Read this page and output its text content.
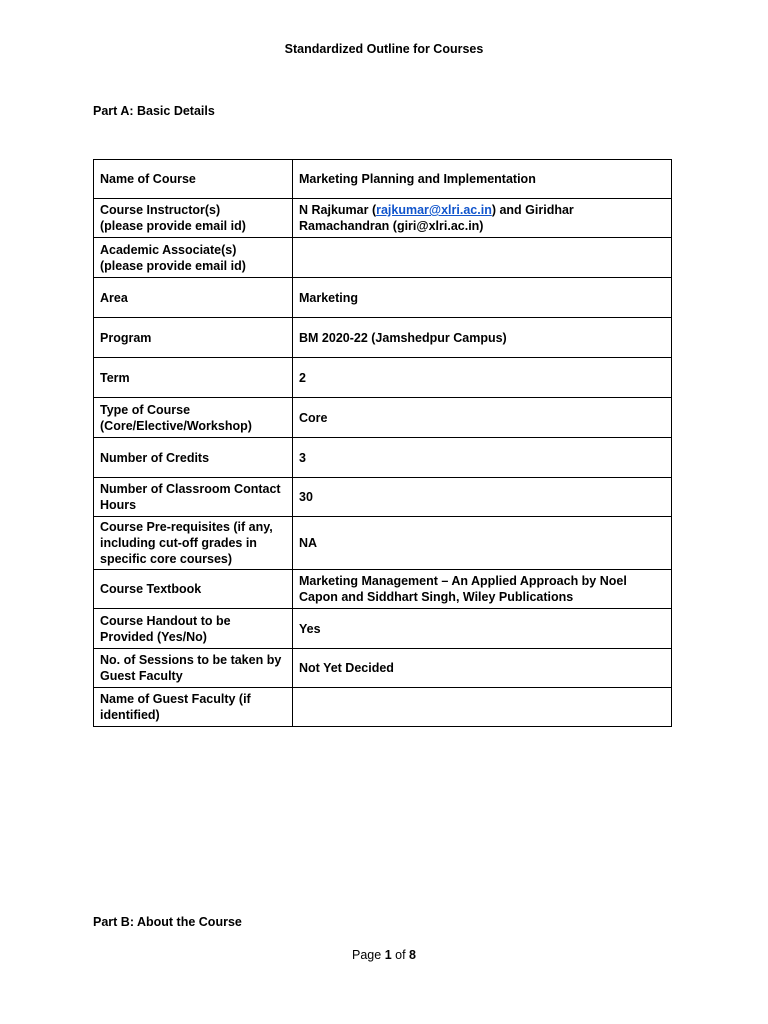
Standardized Outline for Courses
Part A: Basic Details
Name of Course	Marketing Planning and Implementation
Course Instructor(s)
(please provide email id)	N Rajkumar (rajkumar@xlri.ac.in) and Giridhar Ramachandran (giri@xlri.ac.in)
Academic Associate(s)
(please provide email id)	
Area	Marketing
Program	BM 2020-22 (Jamshedpur Campus)
Term	2
Type of Course
(Core/Elective/Workshop)	Core
Number of Credits	3
Number of Classroom Contact Hours	30
Course Pre-requisites (if any, including cut-off grades in specific core courses)	NA
Course Textbook	Marketing Management – An Applied Approach by Noel Capon and Siddhart Singh, Wiley Publications
Course Handout to be Provided (Yes/No)	Yes
No. of Sessions to be taken by Guest Faculty	Not Yet Decided
Name of Guest Faculty (if identified)	
Part B: About the Course
Page 1 of 8
